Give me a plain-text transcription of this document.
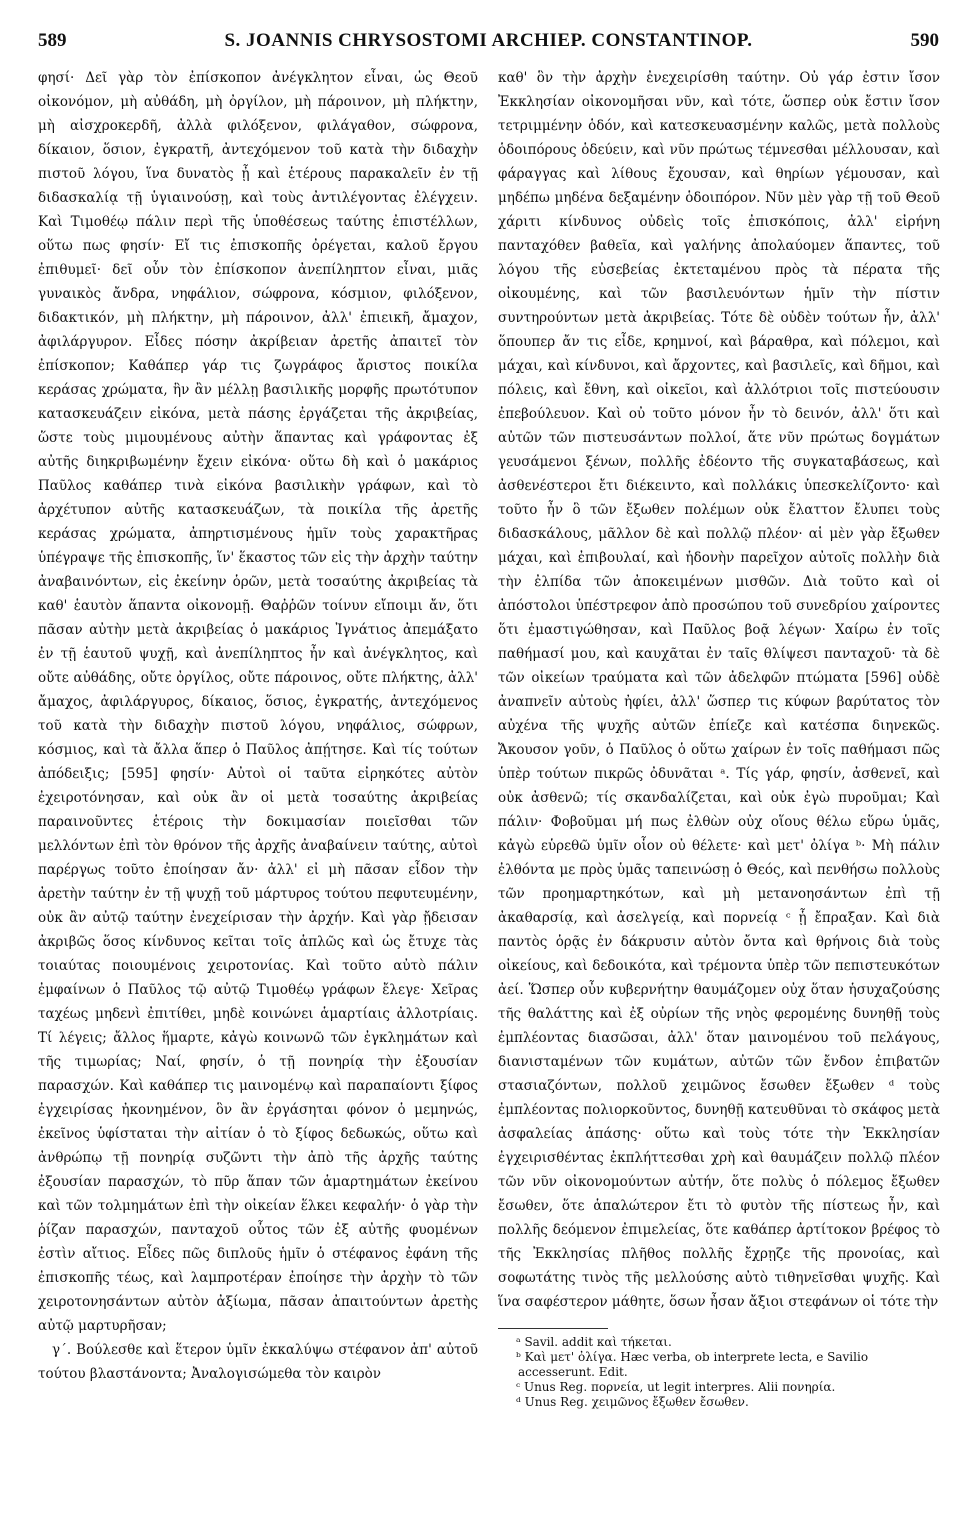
589	S. JOANNIS CHRYSOSTOMI ARCHIEP. CONSTANTINOP.	590

φησί· Δεῖ γὰρ τὸν ἐπίσκοπον ἀνέγκλητον εἶναι, ὡς Θεοῦ οἰκονόμον, μὴ αὐθάδη, μὴ ὀργίλον, μὴ πάροινον, μὴ πλήκτην, μὴ αἰσχροκερδῆ, ἀλλὰ φιλόξενον, φιλάγαθον, σώφρονα, δίκαιον, ὅσιον, ἐγκρατῆ, ἀντεχόμενον τοῦ κατὰ τὴν διδαχὴν πιστοῦ λόγου, ἵνα δυνατὸς ᾖ καὶ ἑτέρους παρακαλεῖν ἐν τῇ διδασκαλίᾳ τῇ ὑγιαινούσῃ, καὶ τοὺς ἀντιλέγοντας ἐλέγχειν. Καὶ Τιμοθέῳ πάλιν περὶ τῆς ὑποθέσεως ταύτης ἐπιστέλλων, οὕτω πως φησίν· Εἴ τις ἐπισκοπῆς ὀρέγεται, καλοῦ ἔργου ἐπιθυμεῖ· δεῖ οὖν τὸν ἐπίσκοπον ἀνεπίληπτον εἶναι, μιᾶς γυναικὸς ἄνδρα, νηφάλιον, σώφρονα, κόσμιον, φιλόξενον, διδακτικόν, μὴ πλήκτην, μὴ πάροινον, ἀλλ' ἐπιεικῆ, ἄμαχον, ἀφιλάργυρον. Εἶδες πόσην ἀκρίβειαν ἀρετῆς ἀπαιτεῖ τὸν ἐπίσκοπον; Καθάπερ γάρ τις ζωγράφος ἄριστος ποικίλα κεράσας χρώματα, ἣν ἂν μέλλῃ βασιλικῆς μορφῆς πρωτότυπον κατασκευάζειν εἰκόνα, μετὰ πάσης ἐργάζεται τῆς ἀκριβείας, ὥστε τοὺς μιμουμένους αὐτὴν ἅπαντας καὶ γράφοντας ἐξ αὐτῆς διηκριβωμένην ἔχειν εἰκόνα· οὕτω δὴ καὶ ὁ μακάριος Παῦλος καθάπερ τινὰ εἰκόνα βασιλικὴν γράφων, καὶ τὸ ἀρχέτυπον αὐτῆς κατασκευάζων, τὰ ποικίλα τῆς ἀρετῆς κεράσας χρώματα, ἀπηρτισμένους ἡμῖν τοὺς χαρακτῆρας ὑπέγραψε τῆς ἐπισκοπῆς, ἵν' ἕκαστος τῶν εἰς τὴν ἀρχὴν ταύτην ἀναβαινόντων, εἰς ἐκείνην ὁρῶν, μετὰ τοσαύτης ἀκριβείας τὰ καθ' ἑαυτὸν ἅπαντα οἰκονομῇ. Θαῤῥῶν τοίνυν εἴποιμι ἄν, ὅτι πᾶσαν αὐτὴν μετὰ ἀκριβείας ὁ μακάριος Ἰγνάτιος ἀπεμάξατο ἐν τῇ ἑαυτοῦ ψυχῇ, καὶ ἀνεπίληπτος ἦν καὶ ἀνέγκλητος, καὶ οὔτε αὐθάδης, οὔτε ὀργίλος, οὔτε πάροινος, οὔτε πλήκτης, ἀλλ' ἄμαχος, ἀφιλάργυρος, δίκαιος, ὅσιος, ἐγκρατής, ἀντεχόμενος τοῦ κατὰ τὴν διδαχὴν πιστοῦ λόγου, νηφάλιος, σώφρων, κόσμιος, καὶ τὰ ἄλλα ἅπερ ὁ Παῦλος ἀπῄτησε. Καὶ τίς τούτων ἀπόδειξις; [595] φησίν· Αὐτοὶ οἱ ταῦτα εἰρηκότες αὐτὸν ἐχειροτόνησαν, καὶ οὐκ ἂν οἱ μετὰ τοσαύτης ἀκριβείας παραινοῦντες ἑτέροις τὴν δοκιμασίαν ποιεῖσθαι τῶν μελλόντων ἐπὶ τὸν θρόνον τῆς ἀρχῆς ἀναβαίνειν ταύτης, αὐτοὶ παρέργως τοῦτο ἐποίησαν ἄν· ἀλλ' εἰ μὴ πᾶσαν εἶδον τὴν ἀρετὴν ταύτην ἐν τῇ ψυχῇ τοῦ μάρτυρος τούτου πεφυτευμένην, οὐκ ἂν αὐτῷ ταύτην ἐνεχείρισαν τὴν ἀρχήν. Καὶ γὰρ ᾔδεισαν ἀκριβῶς ὅσος κίνδυνος κεῖται τοῖς ἁπλῶς καὶ ὡς ἔτυχε τὰς τοιαύτας ποιουμένοις χειροτονίας. Καὶ τοῦτο αὐτὸ πάλιν ἐμφαίνων ὁ Παῦλος τῷ αὐτῷ Τιμοθέῳ γράφων ἔλεγε· Χεῖρας ταχέως μηδενὶ ἐπιτίθει, μηδὲ κοινώνει ἁμαρτίαις ἀλλοτρίαις. Τί λέγεις; ἄλλος ἥμαρτε, κἀγὼ κοινωνῶ τῶν ἐγκλημάτων καὶ τῆς τιμωρίας; Ναί, φησίν, ὁ τῇ πονηρίᾳ τὴν ἐξουσίαν παρασχών. Καὶ καθάπερ τις μαινομένῳ καὶ παραπαίοντι ξίφος ἐγχειρίσας ἠκονημένον, ὃν ἂν ἐργάσηται φόνον ὁ μεμηνώς, ἐκεῖνος ὑφίσταται τὴν αἰτίαν ὁ τὸ ξίφος δεδωκώς, οὕτω καὶ ἀνθρώπῳ τῇ πονηρίᾳ συζῶντι τὴν ἀπὸ τῆς ἀρχῆς ταύτης ἐξουσίαν παρασχών, τὸ πῦρ ἅπαν τῶν ἁμαρτημάτων ἐκείνου καὶ τῶν τολμημάτων ἐπὶ τὴν οἰκείαν ἕλκει κεφαλήν· ὁ γὰρ τὴν ῥίζαν παρασχών, πανταχοῦ οὗτος τῶν ἐξ αὐτῆς φυομένων ἐστὶν αἴτιος. Εἶδες πῶς διπλοῦς ἡμῖν ὁ στέφανος ἐφάνη τῆς ἐπισκοπῆς τέως, καὶ λαμπροτέραν ἐποίησε τὴν ἀρχὴν τὸ τῶν χειροτονησάντων αὐτὸν ἀξίωμα, πᾶσαν ἀπαιτούντων ἀρετὴς αὐτῷ μαρτυρῆσαν;

γ΄. Βούλεσθε καὶ ἕτερον ὑμῖν ἐκκαλύψω στέφανον ἀπ' αὐτοῦ τούτου βλαστάνοντα; Ἀναλογισώμεθα τὸν καιρὸν

καθ' ὃν τὴν ἀρχὴν ἐνεχειρίσθη ταύτην. Οὐ γάρ ἐστιν ἴσον Ἐκκλησίαν οἰκονομῆσαι νῦν, καὶ τότε, ὥσπερ οὐκ ἔστιν ἴσον τετριμμένην ὁδόν, καὶ κατεσκευασμένην καλῶς, μετὰ πολλοὺς ὁδοιπόρους ὁδεύειν, καὶ νῦν πρώτως τέμνεσθαι μέλλουσαν, καὶ φάραγγας καὶ λίθους ἔχουσαν, καὶ θηρίων γέμουσαν, καὶ μηδέπω μηδένα δεξαμένην ὁδοιπόρον. Νῦν μὲν γὰρ τῇ τοῦ Θεοῦ χάριτι κίνδυνος οὐδεὶς τοῖς ἐπισκόποις, ἀλλ' εἰρήνη πανταχόθεν βαθεῖα, καὶ γαλήνης ἀπολαύομεν ἅπαντες, τοῦ λόγου τῆς εὐσεβείας ἐκτεταμένου πρὸς τὰ πέρατα τῆς οἰκουμένης, καὶ τῶν βασιλευόντων ἡμῖν τὴν πίστιν συντηρούντων μετὰ ἀκριβείας. Τότε δὲ οὐδὲν τούτων ἦν, ἀλλ' ὅπουπερ ἄν τις εἶδε, κρημνοί, καὶ βάραθρα, καὶ πόλεμοι, καὶ μάχαι, καὶ κίνδυνοι, καὶ ἄρχοντες, καὶ βασιλεῖς, καὶ δῆμοι, καὶ πόλεις, καὶ ἔθνη, καὶ οἰκεῖοι, καὶ ἀλλότριοι τοῖς πιστεύουσιν ἐπεβούλευον. Καὶ οὐ τοῦτο μόνον ἦν τὸ δεινόν, ἀλλ' ὅτι καὶ αὐτῶν τῶν πιστευσάντων πολλοί, ἅτε νῦν πρώτως δογμάτων γευσάμενοι ξένων, πολλῆς ἐδέοντο τῆς συγκαταβάσεως, καὶ ἀσθενέστεροι ἔτι διέκειντο, καὶ πολλάκις ὑπεσκελίζοντο· καὶ τοῦτο ἦν ὃ τῶν ἔξωθεν πολέμων οὐκ ἔλαττον ἔλυπει τοὺς διδασκάλους, μᾶλλον δὲ καὶ πολλῷ πλέον· αἱ μὲν γὰρ ἔξωθεν μάχαι, καὶ ἐπιβουλαί, καὶ ἡδονὴν παρεῖχον αὐτοῖς πολλὴν διὰ τὴν ἐλπίδα τῶν ἀποκειμένων μισθῶν. Διὰ τοῦτο καὶ οἱ ἀπόστολοι ὑπέστρεφον ἀπὸ προσώπου τοῦ συνεδρίου χαίροντες ὅτι ἐμαστιγώθησαν, καὶ Παῦλος βοᾷ λέγων· Χαίρω ἐν τοῖς παθήμασί μου, καὶ καυχᾶται ἐν ταῖς θλίψεσι πανταχοῦ· τὰ δὲ τῶν οἰκείων τραύματα καὶ τῶν ἀδελφῶν πτώματα [596] οὐδὲ ἀναπνεῖν αὐτοὺς ἠφίει, ἀλλ' ὥσπερ τις κύφων βαρύτατος τὸν αὐχένα τῆς ψυχῆς αὐτῶν ἐπίεζε καὶ κατέσπα διηνεκῶς. Ἄκουσον γοῦν, ὁ Παῦλος ὁ οὕτω χαίρων ἐν τοῖς παθήμασι πῶς ὑπὲρ τούτων πικρῶς ὀδυνᾶται ᵃ. Τίς γάρ, φησίν, ἀσθενεῖ, καὶ οὐκ ἀσθενῶ; τίς σκανδαλίζεται, καὶ οὐκ ἐγὼ πυροῦμαι; Καὶ πάλιν· Φοβοῦμαι μή πως ἐλθὼν οὐχ οἵους θέλω εὕρω ὑμᾶς, κἀγὼ εὑρεθῶ ὑμῖν οἷον οὐ θέλετε· καὶ μετ' ὀλίγα ᵇ· Μὴ πάλιν ἐλθόντα με πρὸς ὑμᾶς ταπεινώσῃ ὁ Θεός, καὶ πενθήσω πολλοὺς τῶν προημαρτηκότων, καὶ μὴ μετανοησάντων ἐπὶ τῇ ἀκαθαρσίᾳ, καὶ ἀσελγείᾳ, καὶ πορνείᾳ ᶜ ᾗ ἔπραξαν. Καὶ διὰ παντὸς ὁρᾷς ἐν δάκρυσιν αὐτὸν ὄντα καὶ θρήνοις διὰ τοὺς οἰκείους, καὶ δεδοικότα, καὶ τρέμοντα ὑπὲρ τῶν πεπιστευκότων ἀεί. Ὥσπερ οὖν κυβερνήτην θαυμάζομεν οὐχ ὅταν ἡσυχαζούσης τῆς θαλάττης καὶ ἐξ οὐρίων τῆς νηὸς φερομένης δυνηθῇ τοὺς ἐμπλέοντας διασῶσαι, ἀλλ' ὅταν μαινομένου τοῦ πελάγους, διανισταμένων τῶν κυμάτων, αὐτῶν τῶν ἔνδον ἐπιβατῶν στασιαζόντων, πολλοῦ χειμῶνος ἔσωθεν ἔξωθεν ᵈ τοὺς ἐμπλέοντας πολιορκοῦντος, δυνηθῇ κατευθῦναι τὸ σκάφος μετὰ ἀσφαλείας ἁπάσης· οὕτω καὶ τοὺς τότε τὴν Ἐκκλησίαν ἐγχειρισθέντας ἐκπλήττεσθαι χρὴ καὶ θαυμάζειν πολλῷ πλέον τῶν νῦν οἰκονομούντων αὐτήν, ὅτε πολὺς ὁ πόλεμος ἔξωθεν ἔσωθεν, ὅτε ἁπαλώτερον ἔτι τὸ φυτὸν τῆς πίστεως ἦν, καὶ πολλῆς δεόμενον ἐπιμελείας, ὅτε καθάπερ ἀρτίτοκον βρέφος τὸ τῆς Ἐκκλησίας πλῆθος πολλῆς ἔχρῃζε τῆς προνοίας, καὶ σοφωτάτης τινὸς τῆς μελλούσης αὐτὸ τιθηνεῖσθαι ψυχῆς. Καὶ ἵνα σαφέστερον μάθητε, ὅσων ἦσαν ἄξιοι στεφάνων οἱ τότε τὴν

ᵃ Savil. addit καὶ τήκεται.

ᵇ Καὶ μετ' ὀλίγα. Hæc verba, ob interprete lecta, e Savilio accesserunt. Edit.

ᶜ Unus Reg. πορνεία, ut legit interpres. Alii πονηρία.

ᵈ Unus Reg. χειμῶνος ἔξωθεν ἔσωθεν.
